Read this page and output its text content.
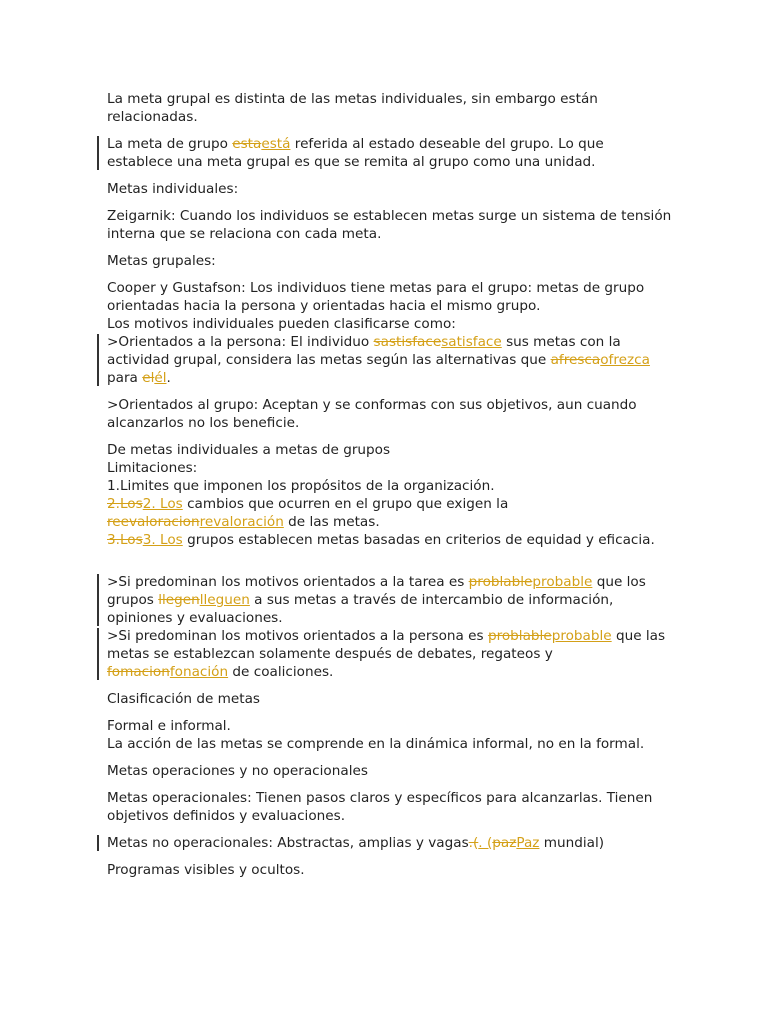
La meta grupal es distinta de las metas individuales, sin embargo están relacionadas.
La meta de grupo estaestá referida al estado deseable del grupo. Lo que establece una meta grupal es que se remita al grupo como una unidad.
Metas individuales:
Zeigarnik: Cuando los individuos se establecen metas surge un sistema de tensión interna que se relaciona con cada meta.
Metas grupales:
Cooper y Gustafson: Los individuos tiene metas para el grupo: metas de grupo orientadas hacia la persona y orientadas hacia el mismo grupo.
Los motivos individuales pueden clasificarse como:
>Orientados a la persona: El individuo sastisfacesatisface sus metas con la actividad grupal, considera las metas según las alternativas que afrescaofrezca para elél.
>Orientados al grupo: Aceptan y se conformas con sus objetivos, aun cuando alcanzarlos no los beneficie.
De metas individuales a metas de grupos
Limitaciones:
1.Limites que imponen los propósitos de la organización.
2.Los2. Los cambios que ocurren en el grupo que exigen la reevaloracionrevaloración de las metas.
3.Los3. Los grupos establecen metas basadas en criterios de equidad y eficacia.
>Si predominan los motivos orientados a la tarea es problableprobable que los grupos llegenlleguen a sus metas a través de intercambio de información, opiniones y evaluaciones.
>Si predominan los motivos orientados a la persona es problableprobable que las metas se establezcan solamente después de debates, regateos y fomacionfonación de coaliciones.
Clasificación de metas
Formal e informal.
La acción de las metas se comprende en la dinámica informal, no en la formal.
Metas operaciones y no operacionales
Metas operacionales: Tienen pasos claros y específicos para alcanzarlas. Tienen objetivos definidos y evaluaciones.
Metas no operacionales: Abstractas, amplias y vagas.(. (pazPaz mundial)
Programas visibles y ocultos.
